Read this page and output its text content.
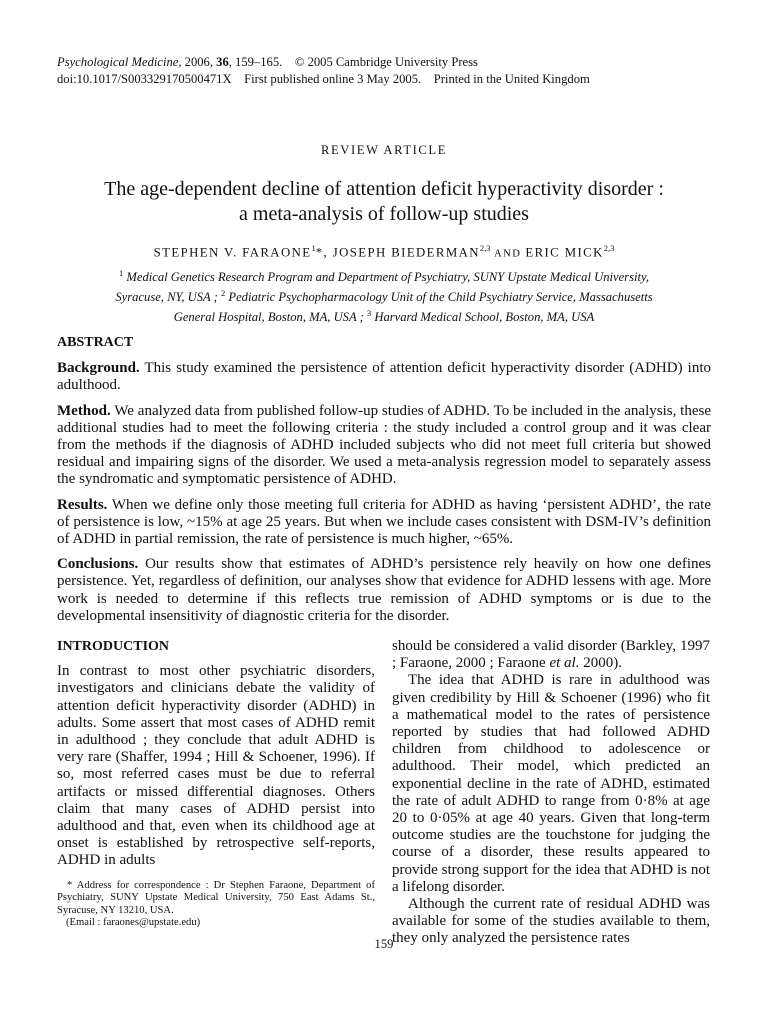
Psychological Medicine, 2006, 36, 159–165. © 2005 Cambridge University Press
doi:10.1017/S003329170500471X First published online 3 May 2005. Printed in the United Kingdom
REVIEW ARTICLE
The age-dependent decline of attention deficit hyperactivity disorder :
a meta-analysis of follow-up studies
STEPHEN V. FARAONE$^1$*, JOSEPH BIEDERMAN$^{2,3}$ AND ERIC MICK$^{2,3}$
$^1$ Medical Genetics Research Program and Department of Psychiatry, SUNY Upstate Medical University,
Syracuse, NY, USA ; $^2$ Pediatric Psychopharmacology Unit of the Child Psychiatry Service, Massachusetts
General Hospital, Boston, MA, USA ; $^3$ Harvard Medical School, Boston, MA, USA
ABSTRACT

Background. This study examined the persistence of attention deficit hyperactivity disorder (ADHD) into adulthood.

Method. We analyzed data from published follow-up studies of ADHD. To be included in the analysis, these additional studies had to meet the following criteria : the study included a control group and it was clear from the methods if the diagnosis of ADHD included subjects who did not meet full criteria but showed residual and impairing signs of the disorder. We used a meta-analysis regression model to separately assess the syndromatic and symptomatic persistence of ADHD.

Results. When we define only those meeting full criteria for ADHD as having ‘persistent ADHD’, the rate of persistence is low, ~15% at age 25 years. But when we include cases consistent with DSM-IV’s definition of ADHD in partial remission, the rate of persistence is much higher, ~65%.

Conclusions. Our results show that estimates of ADHD’s persistence rely heavily on how one defines persistence. Yet, regardless of definition, our analyses show that evidence for ADHD lessens with age. More work is needed to determine if this reflects true remission of ADHD symptoms or is due to the developmental insensitivity of diagnostic criteria for the disorder.

INTRODUCTION

In contrast to most other psychiatric disorders, investigators and clinicians debate the validity of attention deficit hyperactivity disorder (ADHD) in adults. Some assert that most cases of ADHD remit in adulthood ; they conclude that adult ADHD is very rare (Shaffer, 1994 ; Hill & Schoener, 1996). If so, most referred cases must be due to referral artifacts or missed differential diagnoses. Others claim that many cases of ADHD persist into adulthood and that, even when its childhood age at onset is established by retrospective self-reports, ADHD in adults

should be considered a valid disorder (Barkley, 1997 ; Faraone, 2000 ; Faraone et al. 2000).

The idea that ADHD is rare in adulthood was given credibility by Hill & Schoener (1996) who fit a mathematical model to the rates of persistence reported by studies that had followed ADHD children from childhood to adolescence or adulthood. Their model, which predicted an exponential decline in the rate of ADHD, estimated the rate of adult ADHD to range from 0·8% at age 20 to 0·05% at age 40 years. Given that long-term outcome studies are the touchstone for judging the course of a disorder, these results appeared to provide strong support for the idea that ADHD is not a lifelong disorder.

Although the current rate of residual ADHD was available for some of the studies available to them, they only analyzed the persistence rates

* Address for correspondence : Dr Stephen Faraone, Department of Psychiatry, SUNY Upstate Medical University, 750 East Adams St., Syracuse, NY 13210, USA.

(Email : faraones@upstate.edu)

159
